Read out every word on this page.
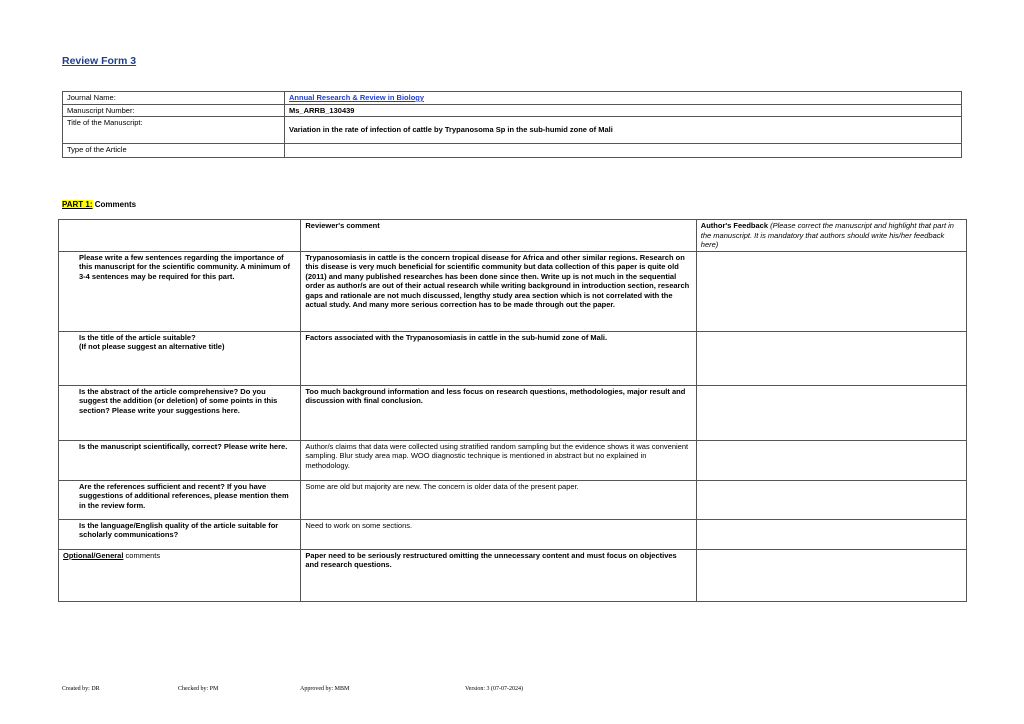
Review Form 3
Journal Name:	Annual Research & Review in Biology
Manuscript Number:	Ms_ARRB_130439
Title of the Manuscript:	Variation in the rate of infection of cattle by Trypanosoma Sp in the sub-humid zone of Mali
Type of the Article	
PART 1: Comments
	Reviewer's comment	Author's Feedback (Please correct the manuscript and highlight that part in the manuscript. It is mandatory that authors should write his/her feedback here)
Please write a few sentences regarding the importance of this manuscript for the scientific community. A minimum of 3-4 sentences may be required for this part.	Trypanosomiasis in cattle is the concern tropical disease for Africa and other similar regions. Research on this disease is very much beneficial for scientific community but data collection of this paper is quite old (2011) and many published researches has been done since then. Write up is not much in the sequential order as author/s are out of their actual research while writing background in introduction section, research gaps and rationale are not much discussed, lengthy study area section which is not correlated with the actual study. And many more serious correction has to be made through out the paper.	
Is the title of the article suitable?
(If not please suggest an alternative title)	Factors associated with the Trypanosomiasis in cattle in the sub-humid zone of Mali.	
Is the abstract of the article comprehensive? Do you suggest the addition (or deletion) of some points in this section? Please write your suggestions here.	Too much background information and less focus on research questions, methodologies, major result and discussion with final conclusion.	
Is the manuscript scientifically, correct? Please write here.	Author/s claims that data were collected using stratified random sampling but the evidence shows it was convenient sampling. Blur study area map. WOO diagnostic technique is mentioned in abstract but no explained in methodology.	
Are the references sufficient and recent? If you have suggestions of additional references, please mention them in the review form.	Some are old but majority are new. The concern is older data of the present paper.	
Is the language/English quality of the article suitable for scholarly communications?	Need to work on some sections.	
Optional/General comments	Paper need to be seriously restructured omitting the unnecessary content and must focus on objectives and research questions.	
Created by: DR	Checked by: PM	Approved by: MBM	Version: 3 (07-07-2024)
